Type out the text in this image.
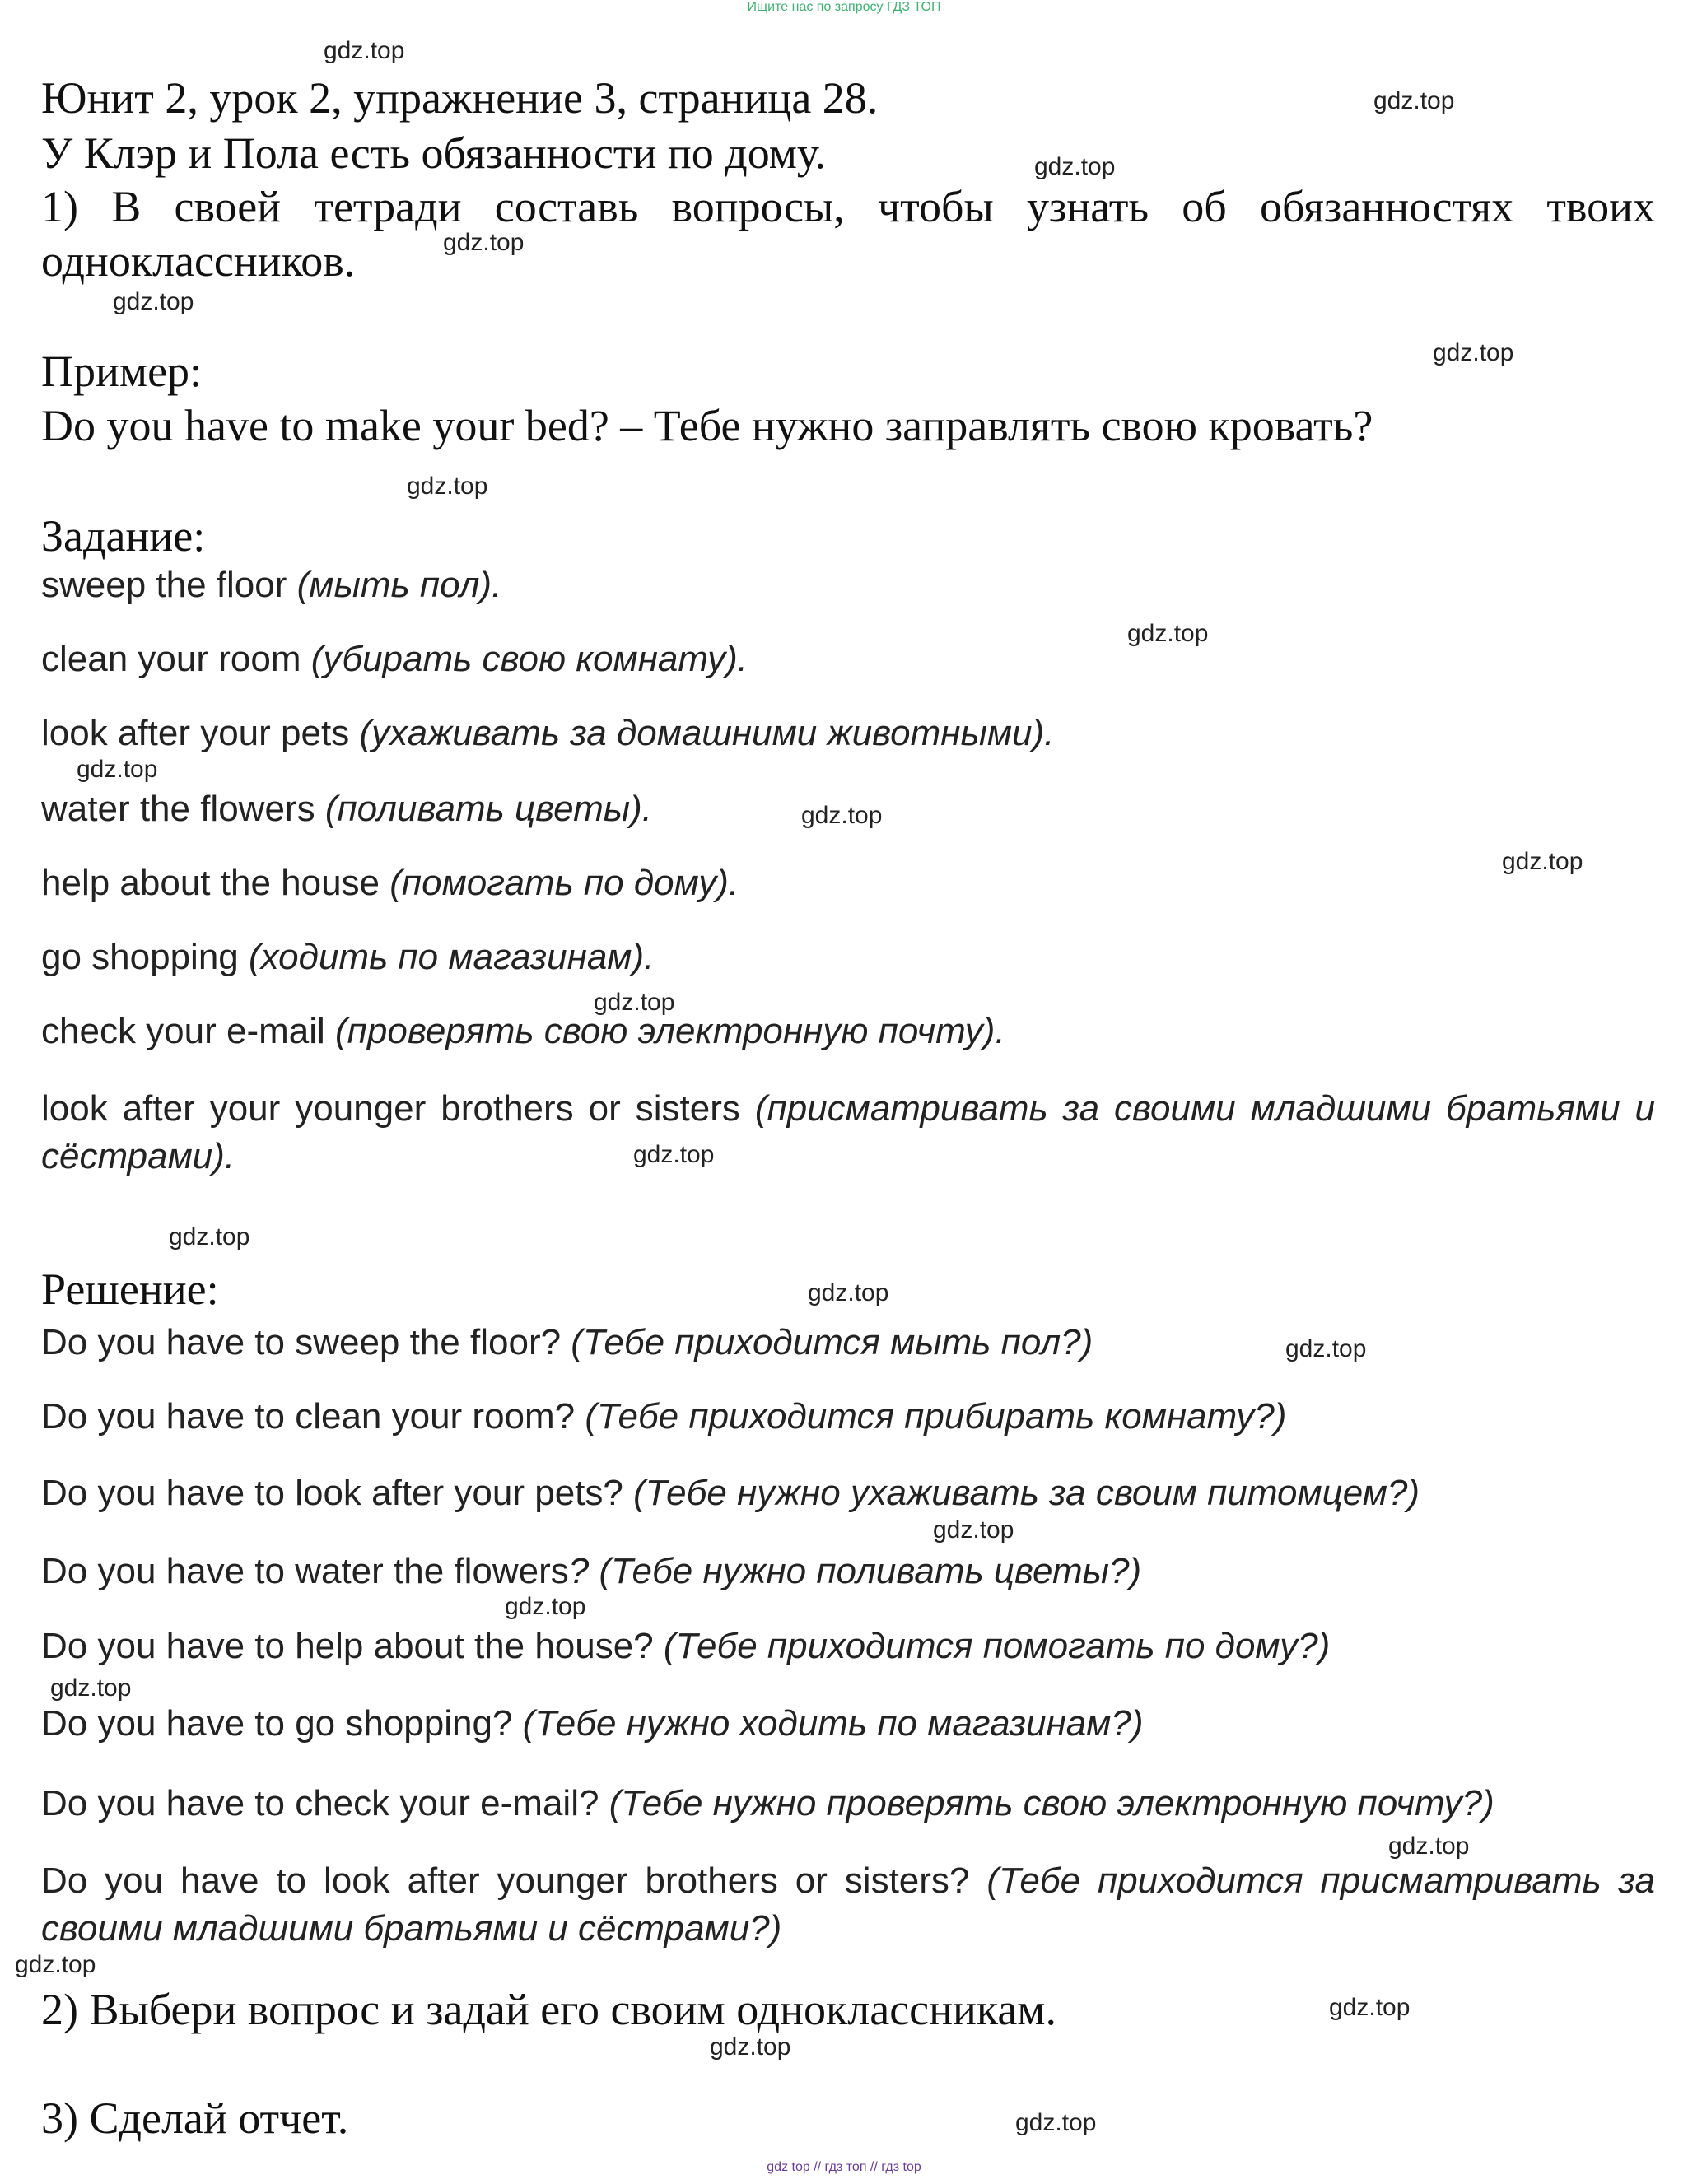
Ищите нас по запросу ГДЗ ТОП
gdz top // гдз топ // гдз top
Юнит 2, урок 2, упражнение 3, страница 28.
У Клэр и Пола есть обязанности по дому.
1) В своей тетради составь вопросы, чтобы узнать об обязанностях твоих одноклассников.
Пример:
Do you have to make your bed? – Тебе нужно заправлять свою кровать?
Задание:
sweep the floor (мыть пол).
clean your room (убирать свою комнату).
look after your pets (ухаживать за домашними животными).
water the flowers (поливать цветы).
help about the house (помогать по дому).
go shopping (ходить по магазинам).
check your e-mail (проверять свою электронную почту).
look after your younger brothers or sisters (присматривать за своими младшими братьями и сёстрами).
Решение:
Do you have to sweep the floor? (Тебе приходится мыть пол?)
Do you have to clean your room? (Тебе приходится прибирать комнату?)
Do you have to look after your pets? (Тебе нужно ухаживать за своим питомцем?)
Do you have to water the flowers? (Тебе нужно поливать цветы?)
Do you have to help about the house? (Тебе приходится помогать по дому?)
Do you have to go shopping? (Тебе нужно ходить по магазинам?)
Do you have to check your e-mail? (Тебе нужно проверять свою электронную почту?)
Do you have to look after younger brothers or sisters? (Тебе приходится присматривать за своими младшими братьями и сёстрами?)
2) Выбери вопрос и задай его своим одноклассникам.
3) Сделай отчет.
gdz.top
gdz.top
gdz.top
gdz.top
gdz.top
gdz.top
gdz.top
gdz.top
gdz.top
gdz.top
gdz.top
gdz.top
gdz.top
gdz.top
gdz.top
gdz.top
gdz.top
gdz.top
gdz.top
gdz.top
gdz.top
gdz.top
gdz.top
gdz.top
